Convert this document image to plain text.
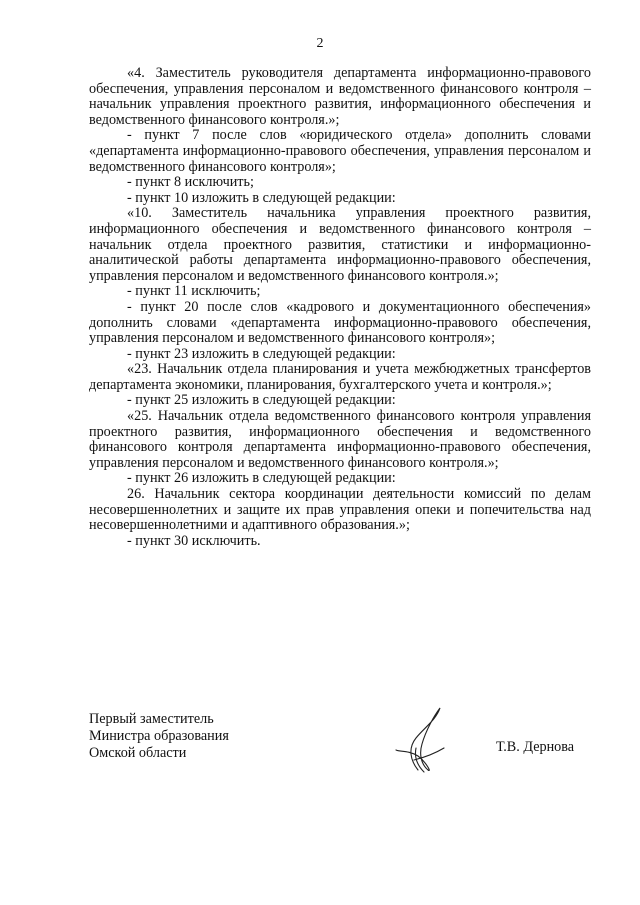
2

«4. Заместитель руководителя департамента информационно-правового обеспечения, управления персоналом и ведомственного финансового контроля – начальник управления проектного развития, информационного обеспечения и ведомственного финансового контроля.»;

- пункт 7 после слов «юридического отдела» дополнить словами «департамента информационно-правового обеспечения, управления персоналом и ведомственного финансового контроля»;

- пункт 8 исключить;

- пункт 10 изложить в следующей редакции:

«10. Заместитель начальника управления проектного развития, информационного обеспечения и ведомственного финансового контроля – начальник отдела проектного развития, статистики и информационно-аналитической работы департамента информационно-правового обеспечения, управления персоналом и ведомственного финансового контроля.»;

- пункт 11 исключить;

- пункт 20 после слов «кадрового и документационного обеспечения» дополнить словами «департамента информационно-правового обеспечения, управления персоналом и ведомственного финансового контроля»;

- пункт 23 изложить в следующей редакции:

«23. Начальник отдела планирования и учета межбюджетных трансфертов департамента экономики, планирования, бухгалтерского учета и контроля.»;

- пункт 25 изложить в следующей редакции:

«25. Начальник отдела ведомственного финансового контроля управления проектного развития, информационного обеспечения и ведомственного финансового контроля департамента информационно-правового обеспечения, управления персоналом и ведомственного финансового контроля.»;

- пункт 26 изложить в следующей редакции:

26. Начальник сектора координации деятельности комиссий по делам несовершеннолетних и защите их прав управления опеки и попечительства над несовершеннолетними и адаптивного образования.»;

- пункт 30 исключить.

Первый заместитель
Министра образования
Омской области	Т.В. Дернова
